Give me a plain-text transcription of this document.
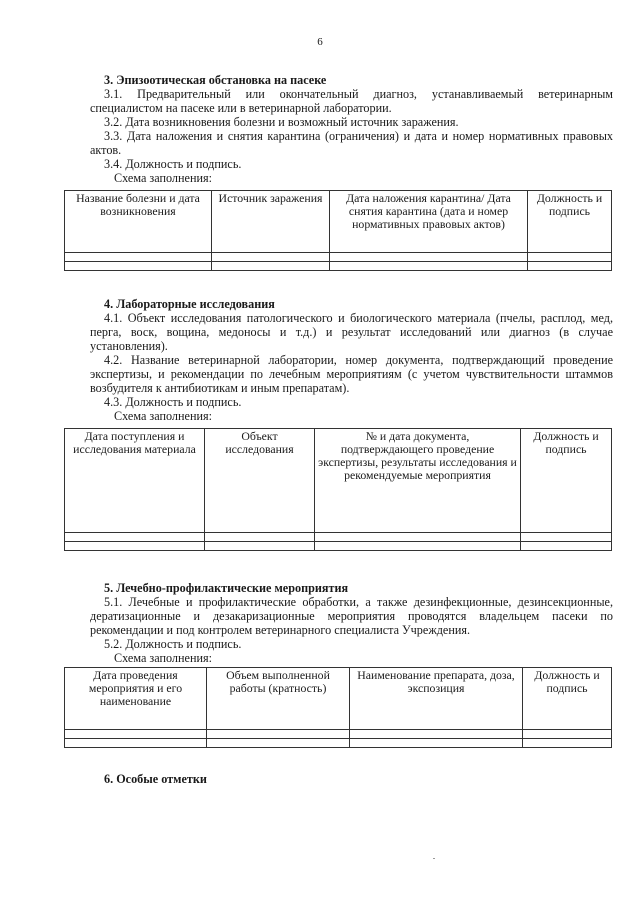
6
3. Эпизоотическая обстановка на пасеке

3.1. Предварительный или окончательный диагноз, устанавливаемый ветеринарным специалистом на пасеке или в ветеринарной лаборатории.

3.2. Дата возникновения болезни и возможный источник заражения.

3.3. Дата наложения и снятия карантина (ограничения) и дата и номер нормативных правовых актов.

3.4. Должность и подпись.

Схема заполнения:
Название болезни и дата возникновения	Источник заражения	Дата наложения карантина/ Дата снятия карантина (дата и номер нормативных правовых актов)	Должность и подпись

4. Лабораторные исследования

4.1. Объект исследования патологического и биологического материала (пчелы, расплод, мед, перга, воск, вощина, медоносы и т.д.) и результат исследований или диагноз (в случае установления).

4.2. Название ветеринарной лаборатории, номер документа, подтверждающий проведение экспертизы, и рекомендации по лечебным мероприятиям (с учетом чувствительности штаммов возбудителя к антибиотикам и иным препаратам).

4.3. Должность и подпись.

Схема заполнения:
Дата поступления и исследования материала	Объект исследования	№ и дата документа, подтверждающего проведение экспертизы, результаты исследования и рекомендуемые мероприятия	Должность и подпись

5. Лечебно-профилактические мероприятия

5.1. Лечебные и профилактические обработки, а также дезинфекционные, дезинсекционные, дератизационные и дезакаризационные мероприятия проводятся владельцем пасеки по рекомендации и под контролем ветеринарного специалиста Учреждения.

5.2. Должность и подпись.

Схема заполнения:
Дата проведения мероприятия и его наименование	Объем выполненной работы (кратность)	Наименование препарата, доза, экспозиция	Должность и подпись

6. Особые отметки
